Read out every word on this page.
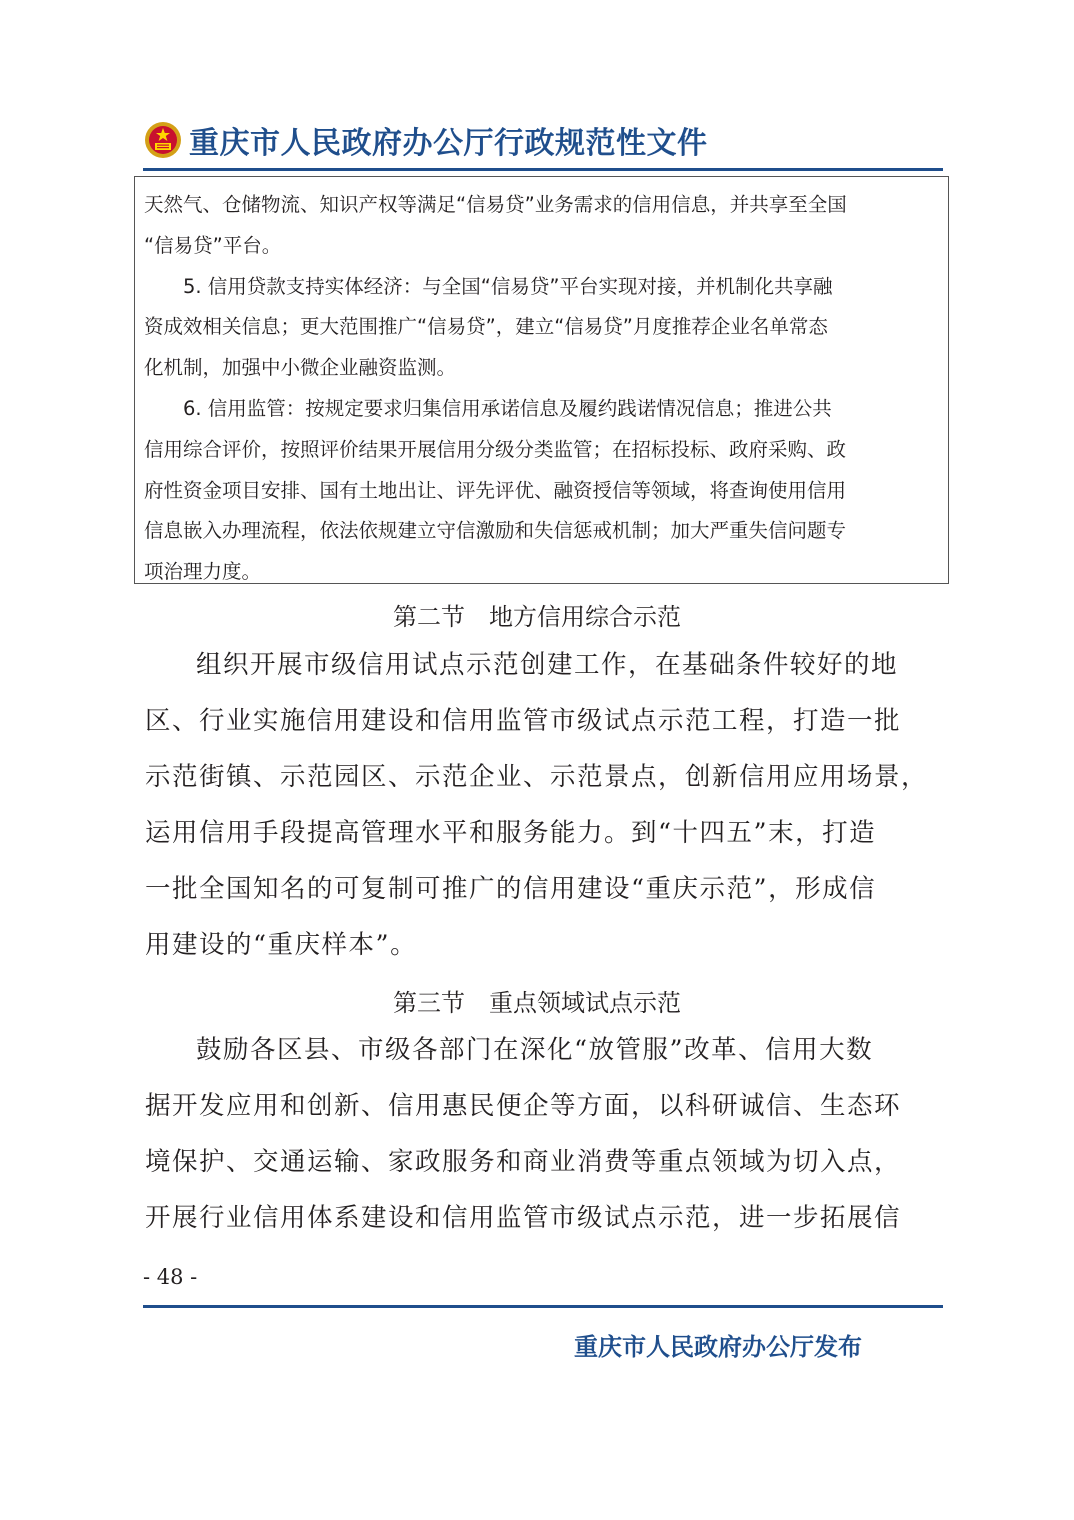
重庆市人民政府办公厅行政规范性文件

天然气、仓储物流、知识产权等满足“信易贷”业务需求的信用信息，并共享至全国
“信易贷”平台。

5. 信用贷款支持实体经济：与全国“信易贷”平台实现对接，并机制化共享融
资成效相关信息；更大范围推广“信易贷”，建立“信易贷”月度推荐企业名单常态
化机制，加强中小微企业融资监测。

6. 信用监管：按规定要求归集信用承诺信息及履约践诺情况信息；推进公共
信用综合评价，按照评价结果开展信用分级分类监管；在招标投标、政府采购、政
府性资金项目安排、国有土地出让、评先评优、融资授信等领域，将查询使用信用
信息嵌入办理流程，依法依规建立守信激励和失信惩戒机制；加大严重失信问题专
项治理力度。

第二节　地方信用综合示范
组织开展市级信用试点示范创建工作，在基础条件较好的地
区、行业实施信用建设和信用监管市级试点示范工程，打造一批
示范街镇、示范园区、示范企业、示范景点，创新信用应用场景，
运用信用手段提高管理水平和服务能力。到“十四五”末，打造
一批全国知名的可复制可推广的信用建设“重庆示范”，形成信
用建设的“重庆样本”。
第三节　重点领域试点示范
鼓励各区县、市级各部门在深化“放管服”改革、信用大数
据开发应用和创新、信用惠民便企等方面，以科研诚信、生态环
境保护、交通运输、家政服务和商业消费等重点领域为切入点，
开展行业信用体系建设和信用监管市级试点示范，进一步拓展信
- 48 -
重庆市人民政府办公厅发布
